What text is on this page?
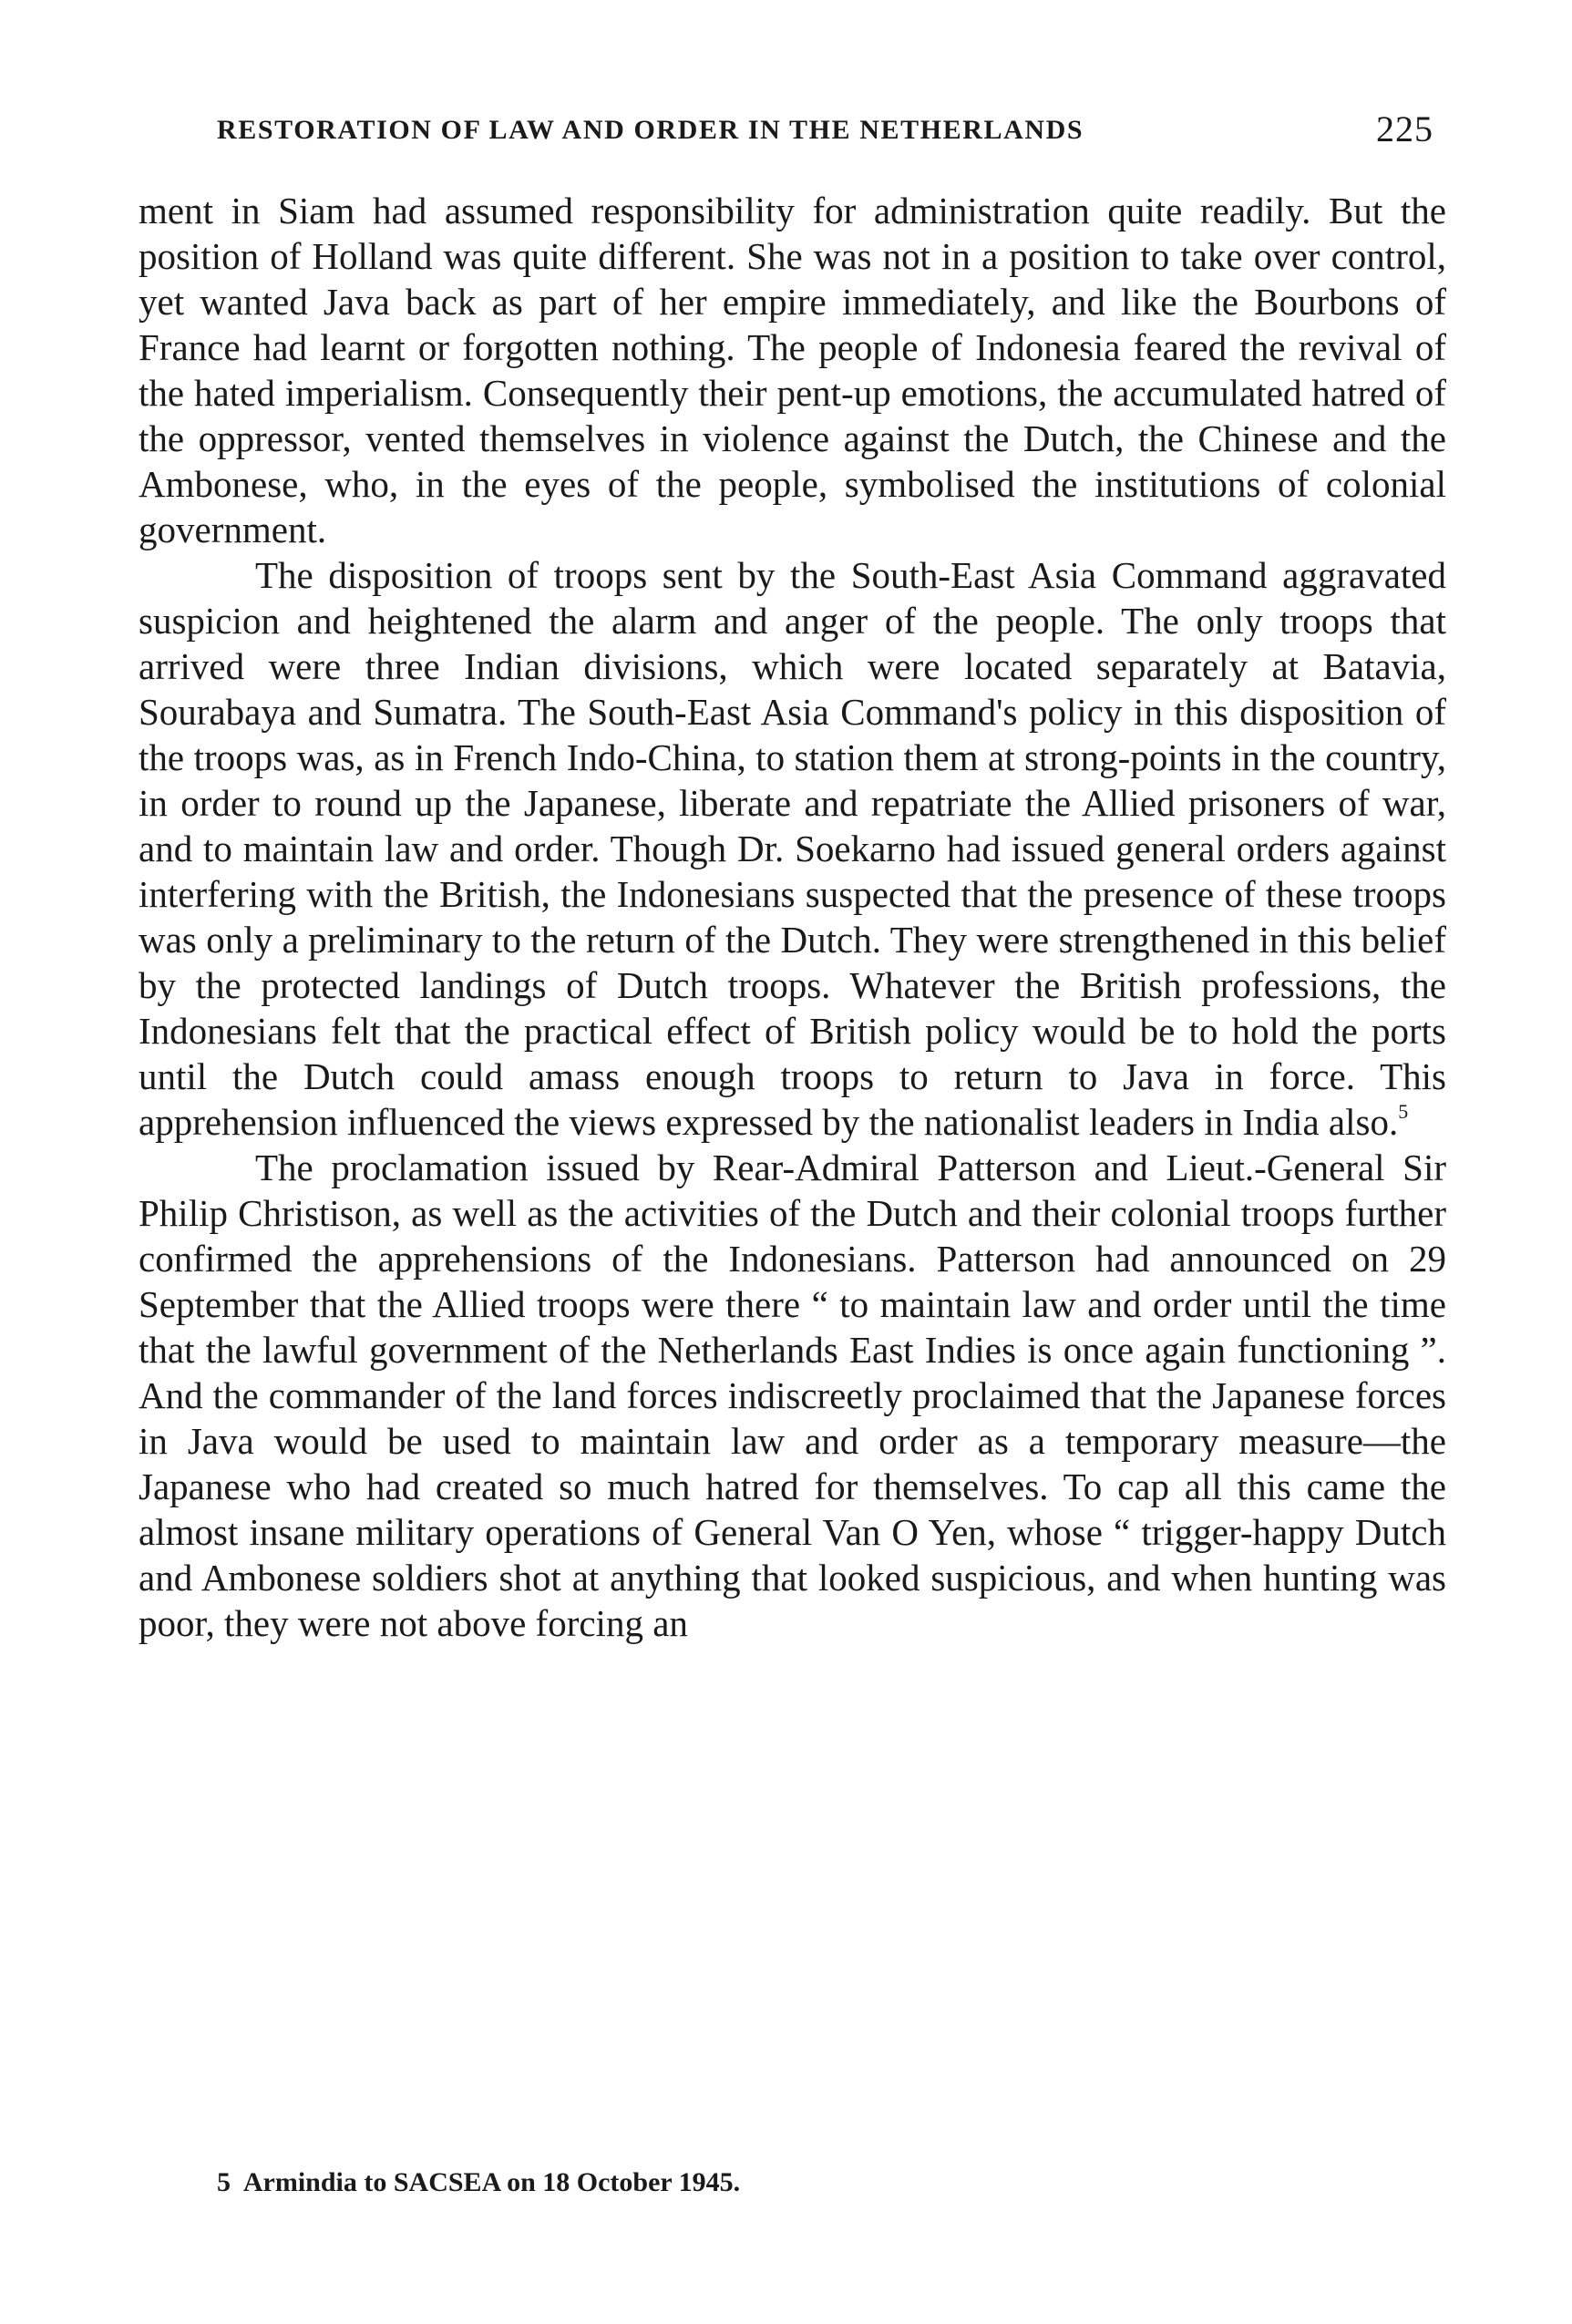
RESTORATION OF LAW AND ORDER IN THE NETHERLANDS	225

ment in Siam had assumed responsibility for administration quite readily. But the position of Holland was quite different. She was not in a position to take over control, yet wanted Java back as part of her empire immediately, and like the Bourbons of France had learnt or forgotten nothing. The people of Indonesia feared the revival of the hated imperialism. Consequently their pent-up emotions, the accumulated hatred of the oppressor, vented themselves in violence against the Dutch, the Chinese and the Ambonese, who, in the eyes of the people, symbolised the institutions of colonial government.

The disposition of troops sent by the South-East Asia Command aggravated suspicion and heightened the alarm and anger of the people. The only troops that arrived were three Indian divisions, which were located separately at Batavia, Sourabaya and Sumatra. The South-East Asia Command's policy in this disposition of the troops was, as in French Indo-China, to station them at strong-points in the country, in order to round up the Japanese, liberate and repatriate the Allied prisoners of war, and to maintain law and order. Though Dr. Soekarno had issued general orders against interfering with the British, the Indonesians suspected that the presence of these troops was only a preliminary to the return of the Dutch. They were strengthened in this belief by the protected landings of Dutch troops. Whatever the British professions, the Indonesians felt that the practical effect of British policy would be to hold the ports until the Dutch could amass enough troops to return to Java in force. This apprehension influenced the views expressed by the nationalist leaders in India also.$^5$

The proclamation issued by Rear-Admiral Patterson and Lieut.-General Sir Philip Christison, as well as the activities of the Dutch and their colonial troops further confirmed the apprehensions of the Indonesians. Patterson had announced on 29 September that the Allied troops were there “ to maintain law and order until the time that the lawful government of the Netherlands East Indies is once again functioning ”. And the commander of the land forces indiscreetly proclaimed that the Japanese forces in Java would be used to maintain law and order as a temporary measure—the Japanese who had created so much hatred for themselves. To cap all this came the almost insane military operations of General Van O Yen, whose “ trigger-happy Dutch and Ambonese soldiers shot at anything that looked suspicious, and when hunting was poor, they were not above forcing an

5 Armindia to SACSEA on 18 October 1945.
